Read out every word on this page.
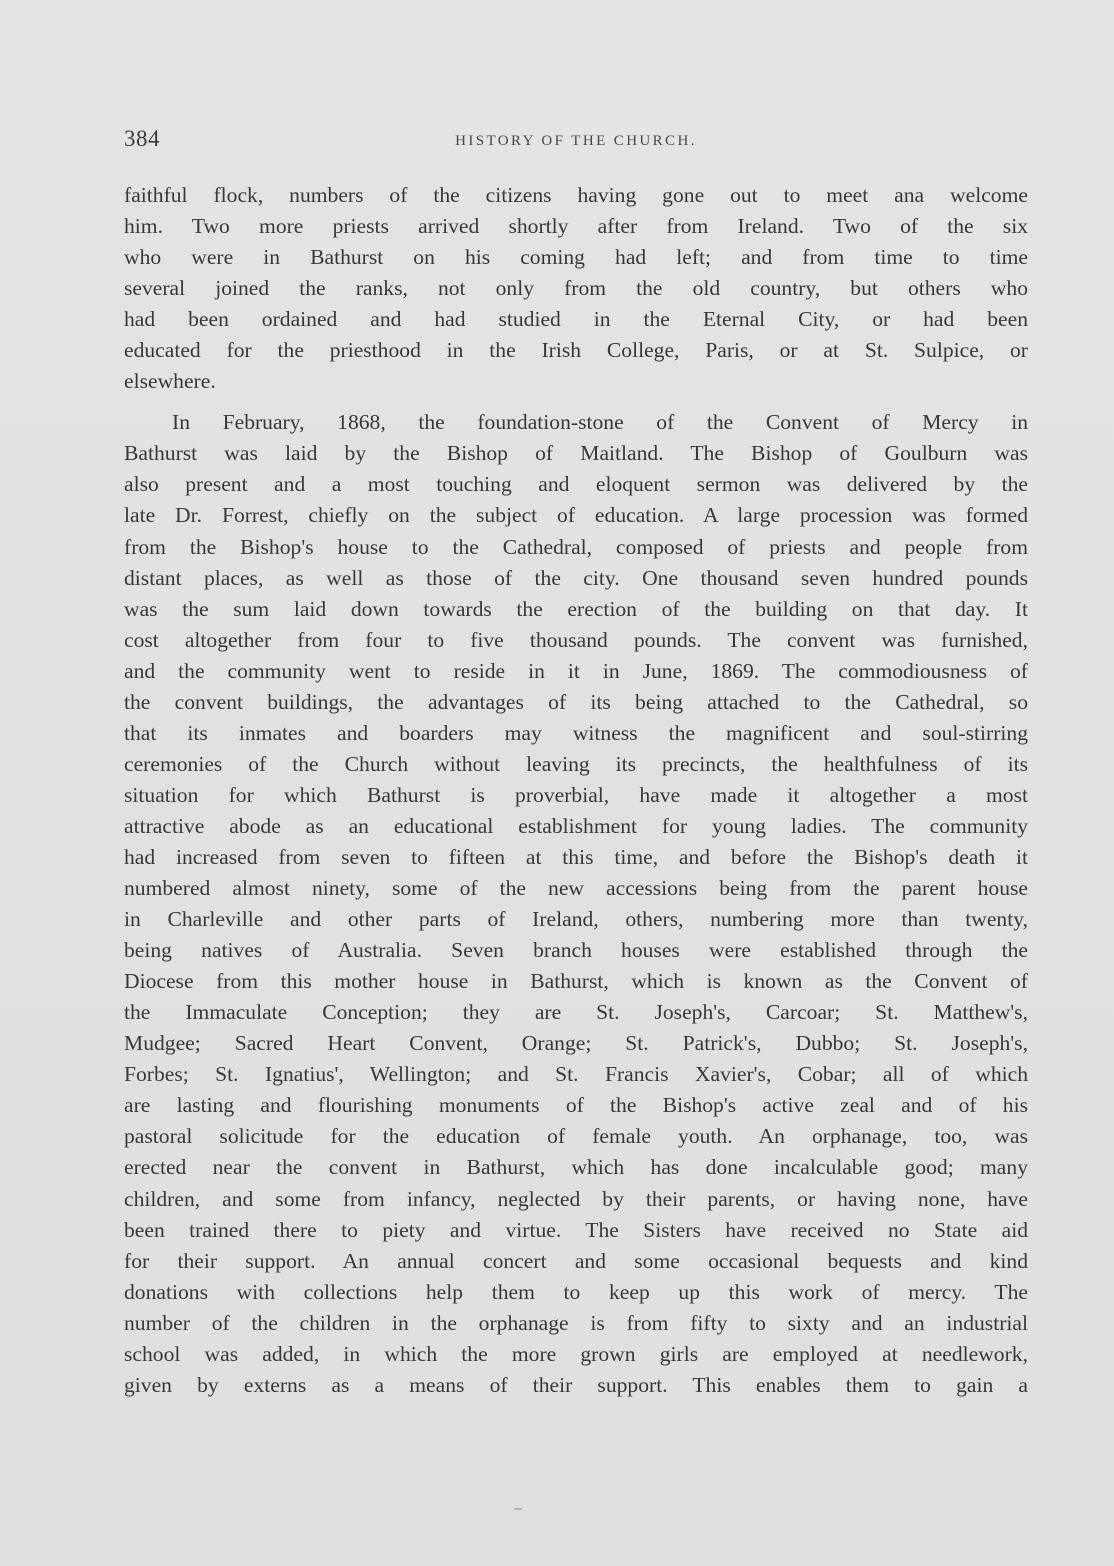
384	HISTORY OF THE CHURCH.

faithful flock, numbers of the citizens having gone out to meet ana welcome
him. Two more priests arrived shortly after from Ireland. Two of the six
who were in Bathurst on his coming had left; and from time to time
several joined the ranks, not only from the old country, but others who
had been ordained and had studied in the Eternal City, or had been
educated for the priesthood in the Irish College, Paris, or at St. Sulpice, or
elsewhere.

In February, 1868, the foundation-stone of the Convent of Mercy in
Bathurst was laid by the Bishop of Maitland. The Bishop of Goulburn was
also present and a most touching and eloquent sermon was delivered by the
late Dr. Forrest, chiefly on the subject of education. A large procession was formed
from the Bishop's house to the Cathedral, composed of priests and people from
distant places, as well as those of the city. One thousand seven hundred pounds
was the sum laid down towards the erection of the building on that day. It
cost altogether from four to five thousand pounds. The convent was furnished,
and the community went to reside in it in June, 1869. The commodiousness of
the convent buildings, the advantages of its being attached to the Cathedral, so
that its inmates and boarders may witness the magnificent and soul-stirring
ceremonies of the Church without leaving its precincts, the healthfulness of its
situation for which Bathurst is proverbial, have made it altogether a most
attractive abode as an educational establishment for young ladies. The community
had increased from seven to fifteen at this time, and before the Bishop's death it
numbered almost ninety, some of the new accessions being from the parent house
in Charleville and other parts of Ireland, others, numbering more than twenty,
being natives of Australia. Seven branch houses were established through the
Diocese from this mother house in Bathurst, which is known as the Convent of
the Immaculate Conception; they are St. Joseph's, Carcoar; St. Matthew's,
Mudgee; Sacred Heart Convent, Orange; St. Patrick's, Dubbo; St. Joseph's,
Forbes; St. Ignatius', Wellington; and St. Francis Xavier's, Cobar; all of which
are lasting and flourishing monuments of the Bishop's active zeal and of his
pastoral solicitude for the education of female youth. An orphanage, too, was
erected near the convent in Bathurst, which has done incalculable good; many
children, and some from infancy, neglected by their parents, or having none, have
been trained there to piety and virtue. The Sisters have received no State aid
for their support. An annual concert and some occasional bequests and kind
donations with collections help them to keep up this work of mercy. The
number of the children in the orphanage is from fifty to sixty and an industrial
school was added, in which the more grown girls are employed at needlework,
given by externs as a means of their support. This enables them to gain a
